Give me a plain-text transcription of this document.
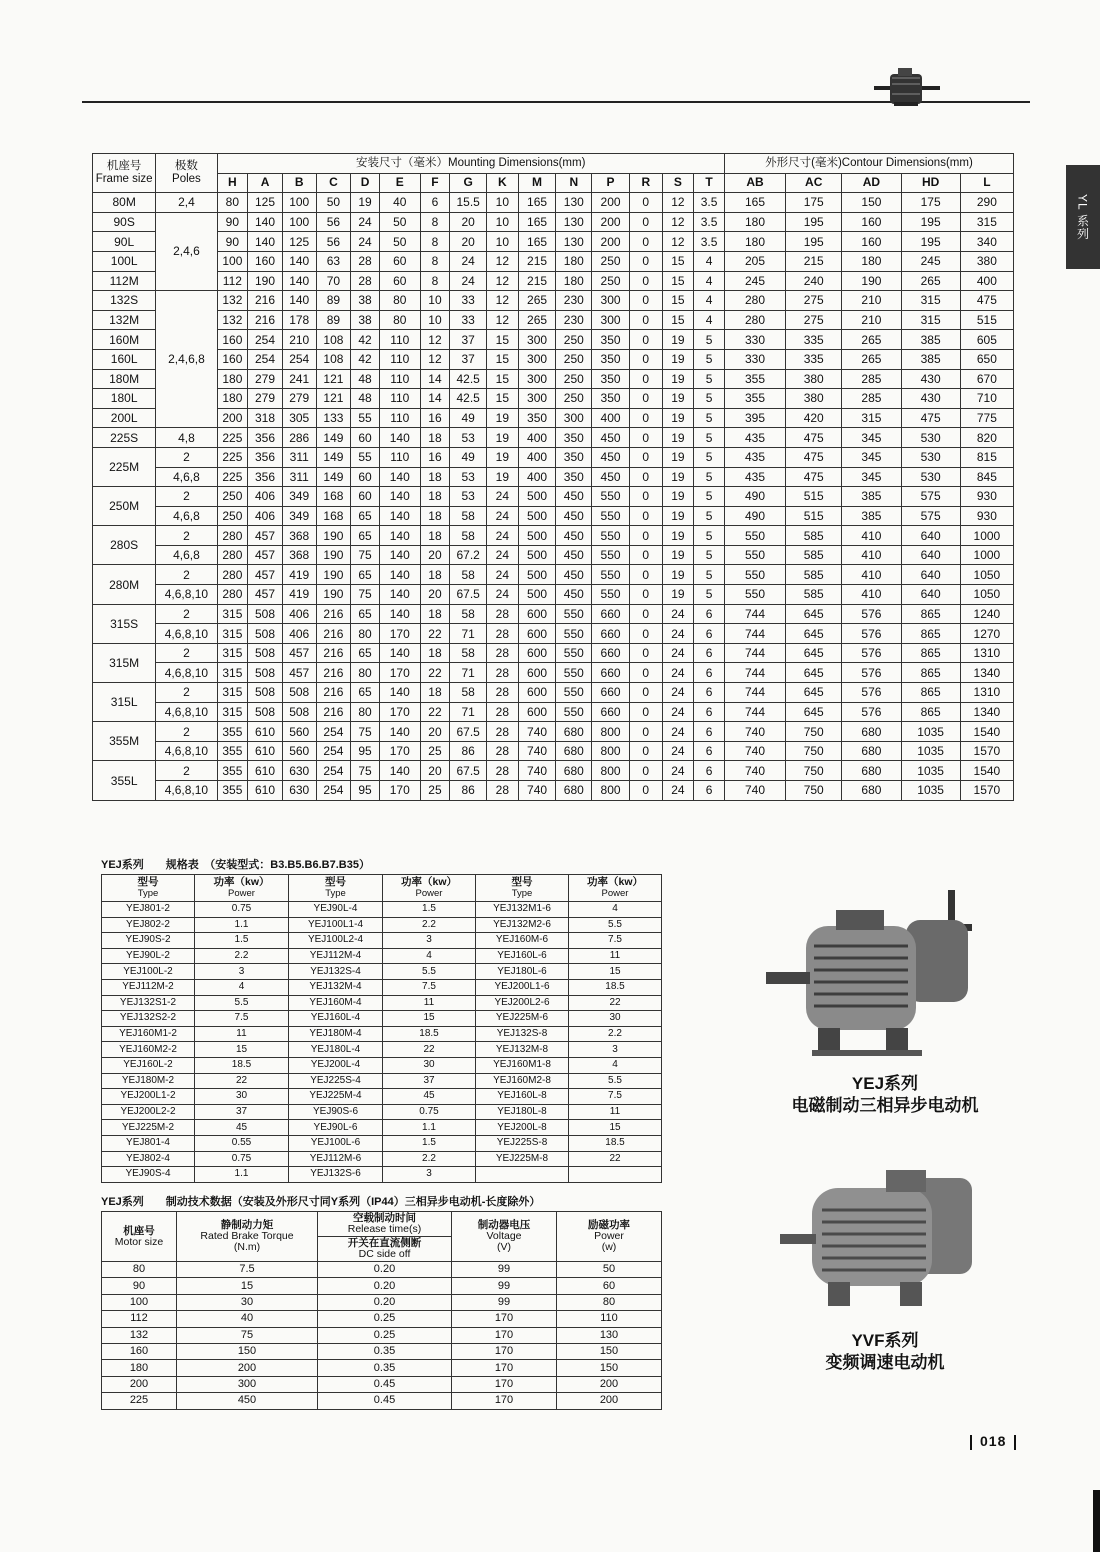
YL 系列
机座号
Frame size	极数
Poles	安装尺寸（毫米）Mounting Dimensions(mm)															外形尺寸(毫米)Contour Dimensions(mm)				
		H	A	B	C	D	E	F	G	K	M	N	P	R	S	T	AB	AC	AD	HD	L
80M	2,4	80	125	100	50	19	40	6	15.5	10	165	130	200	0	12	3.5	165	175	150	175	290
90S	2,4,6	90	140	100	56	24	50	8	20	10	165	130	200	0	12	3.5	180	195	160	195	315
90L		90	140	125	56	24	50	8	20	10	165	130	200	0	12	3.5	180	195	160	195	340
100L		100	160	140	63	28	60	8	24	12	215	180	250	0	15	4	205	215	180	245	380
112M		112	190	140	70	28	60	8	24	12	215	180	250	0	15	4	245	240	190	265	400
132S	2,4,6,8	132	216	140	89	38	80	10	33	12	265	230	300	0	15	4	280	275	210	315	475
132M		132	216	178	89	38	80	10	33	12	265	230	300	0	15	4	280	275	210	315	515
160M		160	254	210	108	42	110	12	37	15	300	250	350	0	19	5	330	335	265	385	605
160L		160	254	254	108	42	110	12	37	15	300	250	350	0	19	5	330	335	265	385	650
180M		180	279	241	121	48	110	14	42.5	15	300	250	350	0	19	5	355	380	285	430	670
180L		180	279	279	121	48	110	14	42.5	15	300	250	350	0	19	5	355	380	285	430	710
200L		200	318	305	133	55	110	16	49	19	350	300	400	0	19	5	395	420	315	475	775
225S	4,8	225	356	286	149	60	140	18	53	19	400	350	450	0	19	5	435	475	345	530	820
225M	2	225	356	311	149	55	110	16	49	19	400	350	450	0	19	5	435	475	345	530	815
	4,6,8	225	356	311	149	60	140	18	53	19	400	350	450	0	19	5	435	475	345	530	845
250M	2	250	406	349	168	60	140	18	53	24	500	450	550	0	19	5	490	515	385	575	930
	4,6,8	250	406	349	168	65	140	18	58	24	500	450	550	0	19	5	490	515	385	575	930
280S	2	280	457	368	190	65	140	18	58	24	500	450	550	0	19	5	550	585	410	640	1000
	4,6,8	280	457	368	190	75	140	20	67.2	24	500	450	550	0	19	5	550	585	410	640	1000
280M	2	280	457	419	190	65	140	18	58	24	500	450	550	0	19	5	550	585	410	640	1050
	4,6,8,10	280	457	419	190	75	140	20	67.5	24	500	450	550	0	19	5	550	585	410	640	1050
315S	2	315	508	406	216	65	140	18	58	28	600	550	660	0	24	6	744	645	576	865	1240
	4,6,8,10	315	508	406	216	80	170	22	71	28	600	550	660	0	24	6	744	645	576	865	1270
315M	2	315	508	457	216	65	140	18	58	28	600	550	660	0	24	6	744	645	576	865	1310
	4,6,8,10	315	508	457	216	80	170	22	71	28	600	550	660	0	24	6	744	645	576	865	1340
315L	2	315	508	508	216	65	140	18	58	28	600	550	660	0	24	6	744	645	576	865	1310
	4,6,8,10	315	508	508	216	80	170	22	71	28	600	550	660	0	24	6	744	645	576	865	1340
355M	2	355	610	560	254	75	140	20	67.5	28	740	680	800	0	24	6	740	750	680	1035	1540
	4,6,8,10	355	610	560	254	95	170	25	86	28	740	680	800	0	24	6	740	750	680	1035	1570
355L	2	355	610	630	254	75	140	20	67.5	28	740	680	800	0	24	6	740	750	680	1035	1540
	4,6,8,10	355	610	630	254	95	170	25	86	28	740	680	800	0	24	6	740	750	680	1035	1570
YEJ系列　　规格表　（安装型式：B3.B5.B6.B7.B35）
型号
Type	功率（kw）
Power	型号
Type	功率（kw）
Power	型号
Type	功率（kw）
Power

YEJ801-2	0.75	YEJ90L-4	1.5	YEJ132M1-6	4
YEJ802-2	1.1	YEJ100L1-4	2.2	YEJ132M2-6	5.5
YEJ90S-2	1.5	YEJ100L2-4	3	YEJ160M-6	7.5
YEJ90L-2	2.2	YEJ112M-4	4	YEJ160L-6	11
YEJ100L-2	3	YEJ132S-4	5.5	YEJ180L-6	15
YEJ112M-2	4	YEJ132M-4	7.5	YEJ200L1-6	18.5
YEJ132S1-2	5.5	YEJ160M-4	11	YEJ200L2-6	22
YEJ132S2-2	7.5	YEJ160L-4	15	YEJ225M-6	30
YEJ160M1-2	11	YEJ180M-4	18.5	YEJ132S-8	2.2
YEJ160M2-2	15	YEJ180L-4	22	YEJ132M-8	3
YEJ160L-2	18.5	YEJ200L-4	30	YEJ160M1-8	4
YEJ180M-2	22	YEJ225S-4	37	YEJ160M2-8	5.5
YEJ200L1-2	30	YEJ225M-4	45	YEJ160L-8	7.5
YEJ200L2-2	37	YEJ90S-6	0.75	YEJ180L-8	11
YEJ225M-2	45	YEJ90L-6	1.1	YEJ200L-8	15
YEJ801-4	0.55	YEJ100L-6	1.5	YEJ225S-8	18.5
YEJ802-4	0.75	YEJ112M-6	2.2	YEJ225M-8	22
YEJ90S-4	1.1	YEJ132S-6	3		
YEJ系列　　制动技术数据（安装及外形尺寸同Y系列（IP44）三相异步电动机-长度除外）
机座号
Motor size	静制动力矩
Rated Brake Torque
(N.m)	空载制动时间
Release time(s)	制动器电压
Voltage
(V)	励磁功率
Power
(w)

		开关在直流侧断
DC side off		

80	7.5	0.20	99	50
90	15	0.20	99	60
100	30	0.20	99	80
112	40	0.25	170	110
132	75	0.25	170	130
160	150	0.35	170	150
180	200	0.35	170	150
200	300	0.45	170	200
225	450	0.45	170	200
YEJ系列
电磁制动三相异步电动机
YVF系列
变频调速电动机
018
